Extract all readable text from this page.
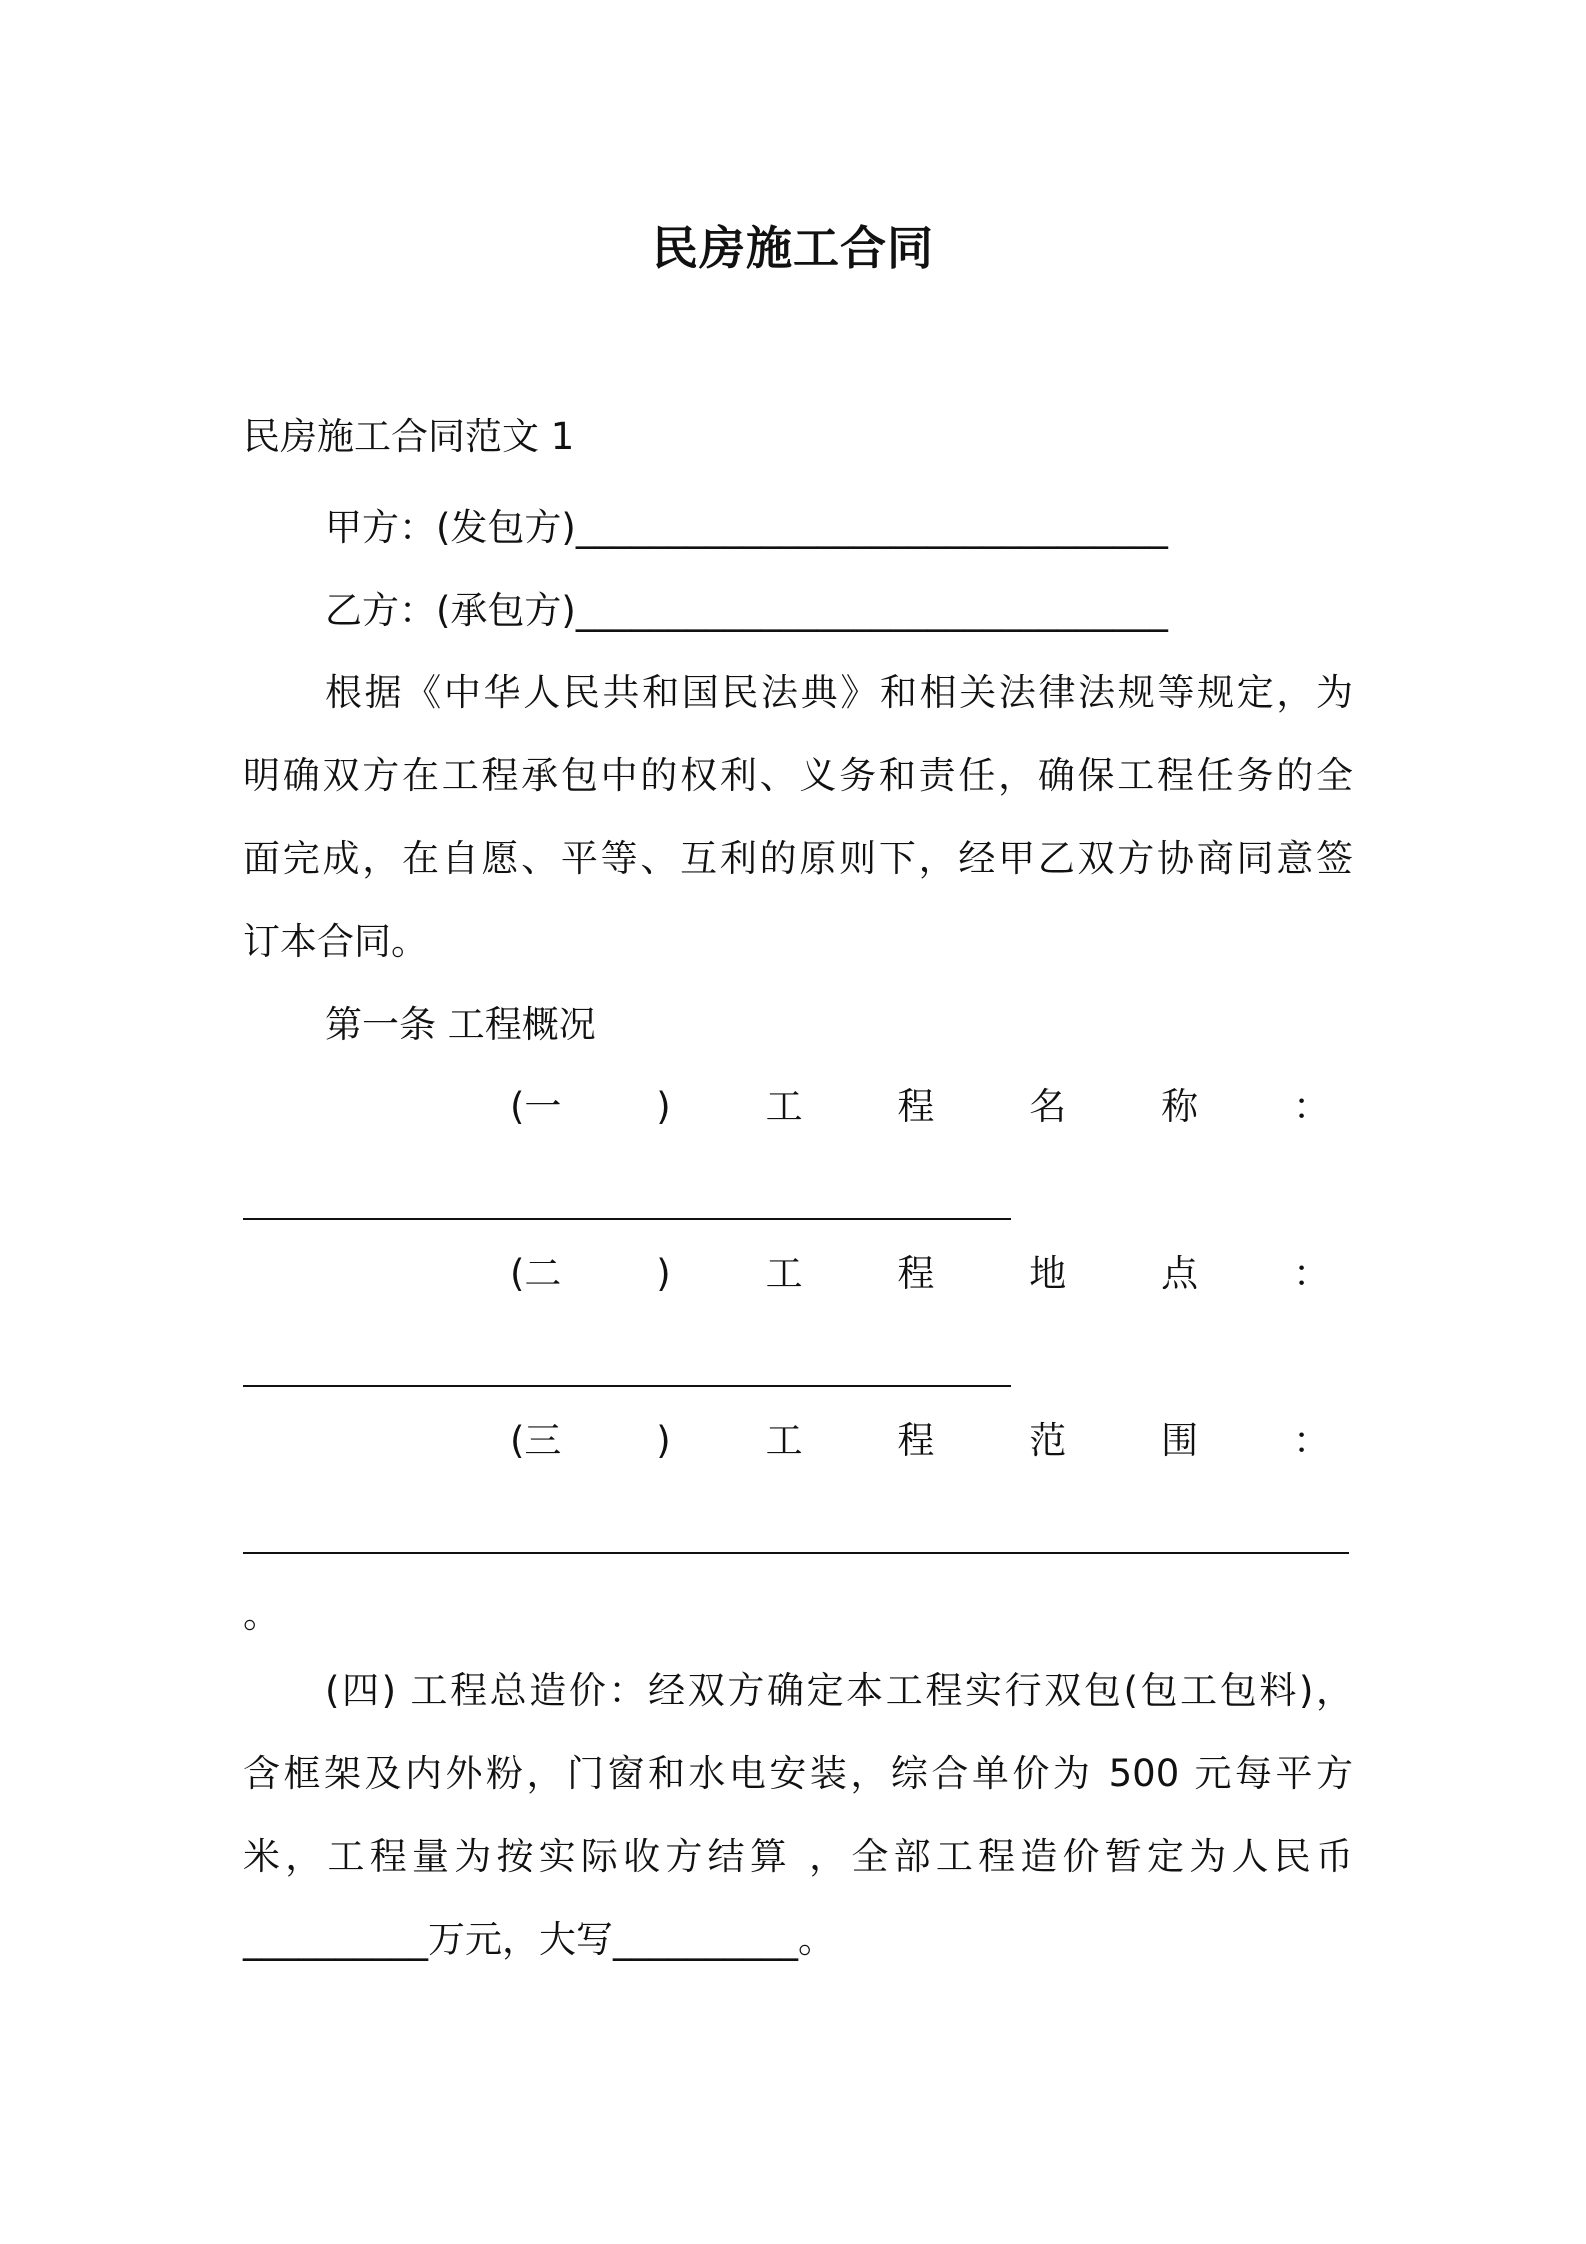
民房施工合同
民房施工合同范文 1
甲方：(发包方)________________________________
乙方：(承包方)________________________________
根据《中华人民共和国民法典》和相关法律法规等规定，为
明确双方在工程承包中的权利、义务和责任，确保工程任务的全
面完成，在自愿、平等、互利的原则下，经甲乙双方协商同意签
订本合同。
第一条 工程概况
(一	)	工	程	名	称	：
(二	)	工	程	地	点	：
(三	)	工	程	范	围	：
。
(四) 工程总造价：经双方确定本工程实行双包(包工包料)，
含框架及内外粉，门窗和水电安装，综合单价为 500 元每平方
米，工程量为按实际收方结算 ，全部工程造价暂定为人民币
__________万元，大写__________。
